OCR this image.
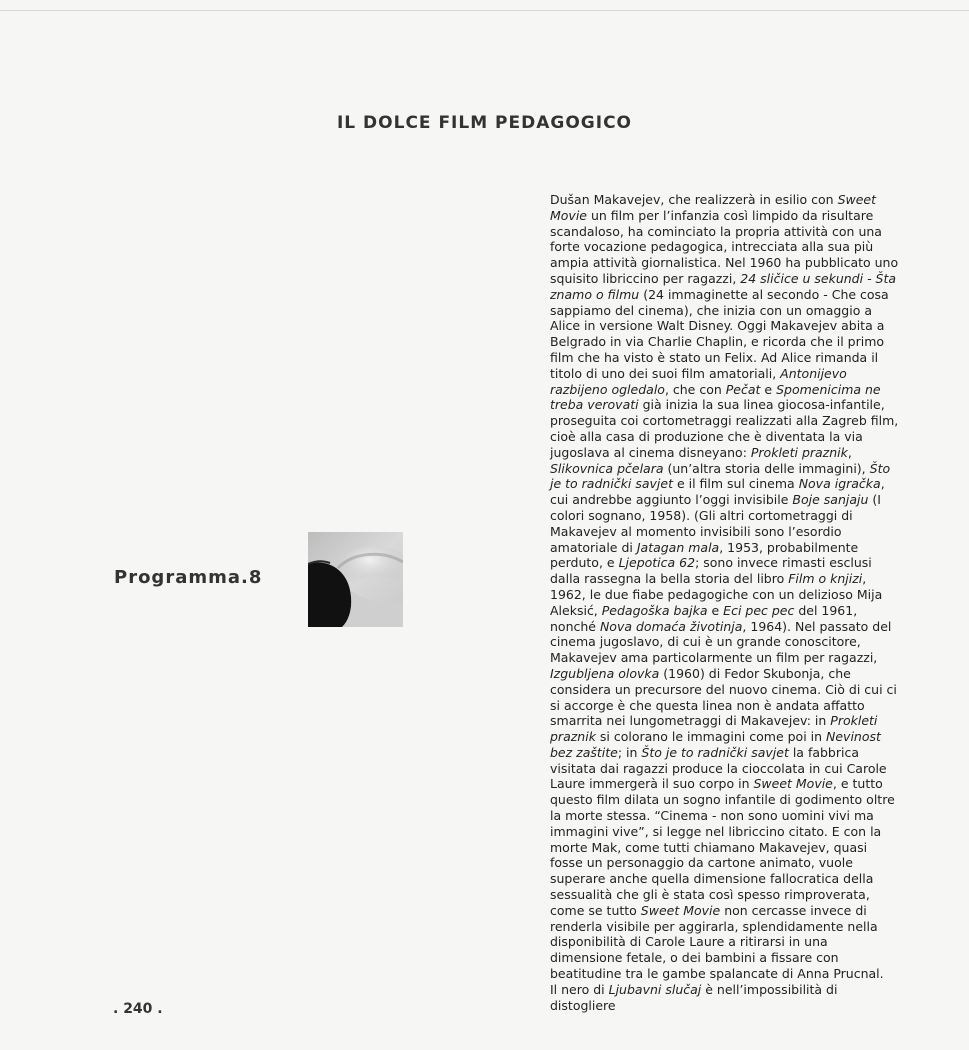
IL DOLCE FILM PEDAGOGICO
Programma.8

Dušan Makavejev, che realizzerà in esilio con Sweet Movie un film per l’infanzia così limpido da risultare scandaloso, ha cominciato la propria attività con una forte vocazione pedagogica, intrecciata alla sua più ampia attività giornalistica. Nel 1960 ha pubblicato uno squisito libriccino per ragazzi, 24 sličice u sekundi - Šta znamo o filmu (24 immaginette al secondo - Che cosa sappiamo del cinema), che inizia con un omaggio a Alice in versione Walt Disney. Oggi Makavejev abita a Belgrado in via Charlie Chaplin, e ricorda che il primo film che ha visto è stato un Felix. Ad Alice rimanda il titolo di uno dei suoi film amatoriali, Antonijevo razbijeno ogledalo, che con Pečat e Spomenicima ne treba verovati già inizia la sua linea giocosa-infantile, proseguita coi cortometraggi realizzati alla Zagreb film, cioè alla casa di produzione che è diventata la via jugoslava al cinema disneyano: Prokleti praznik, Slikovnica pčelara (un’altra storia delle immagini), Što je to radnički savjet e il film sul cinema Nova igračka, cui andrebbe aggiunto l’oggi invisibile Boje sanjaju (I colori sognano, 1958). (Gli altri cortometraggi di Makavejev al momento invisibili sono l’esordio amatoriale di Jatagan mala, 1953, probabilmente perduto, e Ljepotica 62; sono invece rimasti esclusi dalla rassegna la bella storia del libro Film o knjizi, 1962, le due fiabe pedagogiche con un delizioso Mija Aleksić, Pedagoška bajka e Eci pec pec del 1961, nonché Nova domaća životinja, 1964). Nel passato del cinema jugoslavo, di cui è un grande conoscitore, Makavejev ama particolarmente un film per ragazzi, Izgubljena olovka (1960) di Fedor Skubonja, che considera un precursore del nuovo cinema. Ciò di cui ci si accorge è che questa linea non è andata affatto smarrita nei lungometraggi di Makavejev: in Prokleti praznik si colorano le immagini come poi in Nevinost bez zaštite; in Što je to radnički savjet la fabbrica visitata dai ragazzi produce la cioccolata in cui Carole Laure immergerà il suo corpo in Sweet Movie, e tutto questo film dilata un sogno infantile di godimento oltre la morte stessa. “Cinema - non sono uomini vivi ma immagini vive”, si legge nel libriccino citato. E con la morte Mak, come tutti chiamano Makavejev, quasi fosse un personaggio da cartone animato, vuole superare anche quella dimensione fallocratica della sessualità che gli è stata così spesso rimproverata, come se tutto Sweet Movie non cercasse invece di renderla visibile per aggirarla, splendidamente nella disponibilità di Carole Laure a ritirarsi in una dimensione fetale, o dei bambini a fissare con beatitudine tra le gambe spalancate di Anna Prucnal.

Il nero di Ljubavni slučaj è nell’impossibilità di distogliere

. 240 .
